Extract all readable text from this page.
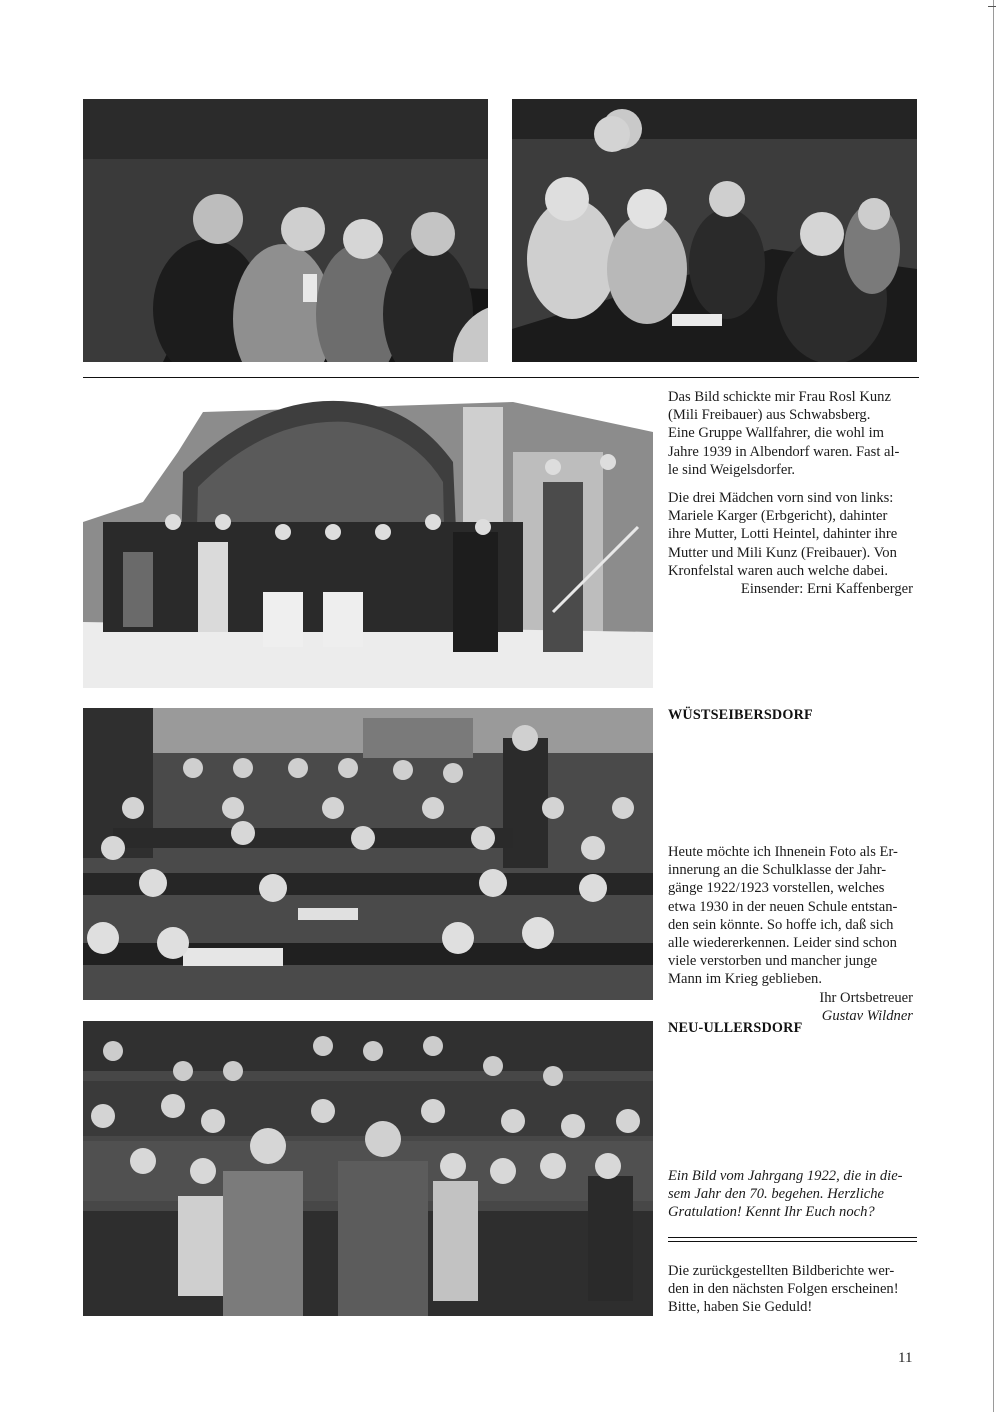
Das Bild schickte mir Frau Rosl Kunz
(Mili Freibauer) aus Schwabsberg.
Eine Gruppe Wallfahrer, die wohl im
Jahre 1939 in Albendorf waren. Fast al-
le sind Weigelsdorfer.

Die drei Mädchen vorn sind von links:
Mariele Karger (Erbgericht), dahinter
ihre Mutter, Lotti Heintel, dahinter ihre
Mutter und Mili Kunz (Freibauer). Von
Kronfelstal waren auch welche dabei.

Einsender: Erni Kaffenberger

WÜSTSEIBERSDORF

Heute möchte ich Ihnenein Foto als Er-
innerung an die Schulklasse der Jahr-
gänge 1922/1923 vorstellen, welches
etwa 1930 in der neuen Schule entstan-
den sein könnte. So hoffe ich, daß sich
alle wiedererkennen. Leider sind schon
viele verstorben und mancher junge
Mann im Krieg geblieben.

Ihr Ortsbetreuer
Gustav Wildner

NEU-ULLERSDORF

Ein Bild vom Jahrgang 1922, die in die-
sem Jahr den 70. begehen. Herzliche
Gratulation! Kennt Ihr Euch noch?

Die zurückgestellten Bildberichte wer-
den in den nächsten Folgen erscheinen!
Bitte, haben Sie Geduld!

11
